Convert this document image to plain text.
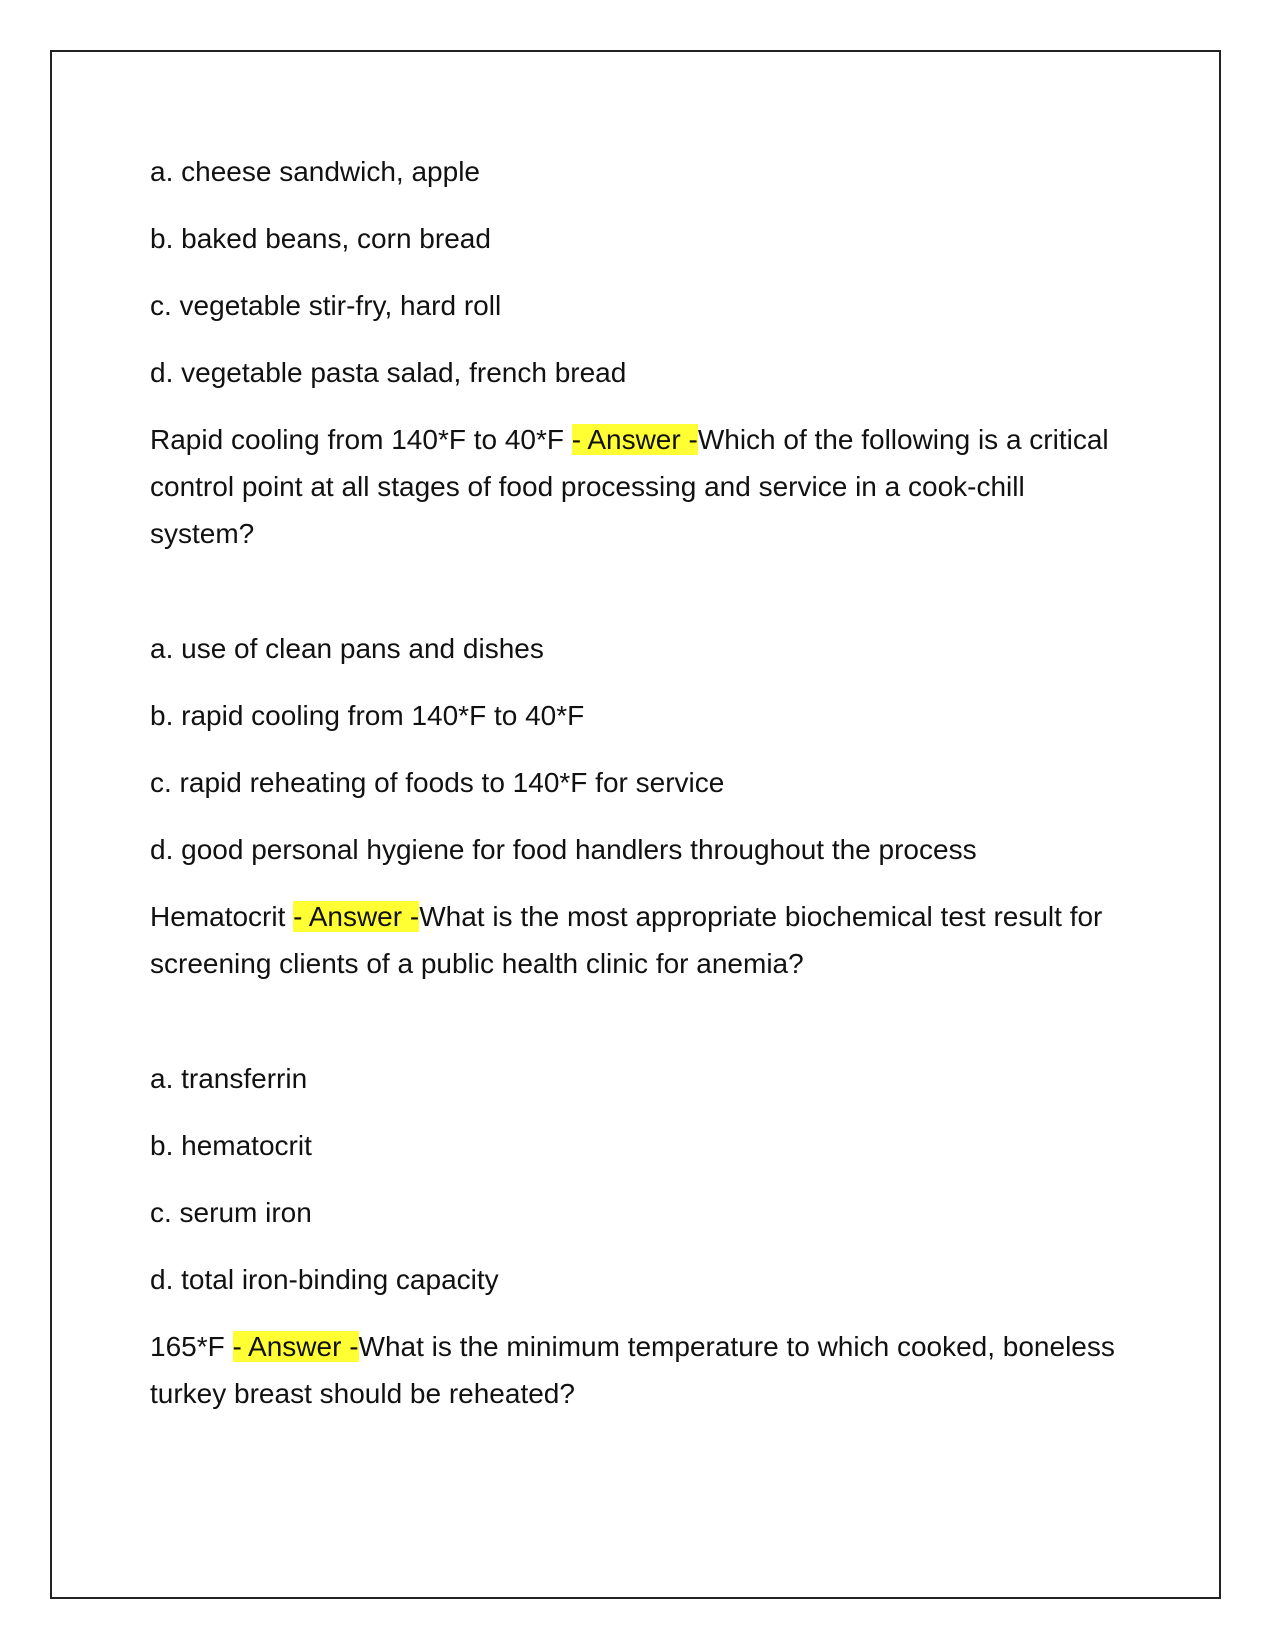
a. cheese sandwich, apple

b. baked beans, corn bread

c. vegetable stir-fry, hard roll

d. vegetable pasta salad, french bread

Rapid cooling from 140*F to 40*F - Answer -Which of the following is a critical control point at all stages of food processing and service in a cook-chill system?

a. use of clean pans and dishes

b. rapid cooling from 140*F to 40*F

c. rapid reheating of foods to 140*F for service

d. good personal hygiene for food handlers throughout the process

Hematocrit - Answer -What is the most appropriate biochemical test result for screening clients of a public health clinic for anemia?

a. transferrin

b. hematocrit

c. serum iron

d. total iron-binding capacity

165*F - Answer -What is the minimum temperature to which cooked, boneless turkey breast should be reheated?
